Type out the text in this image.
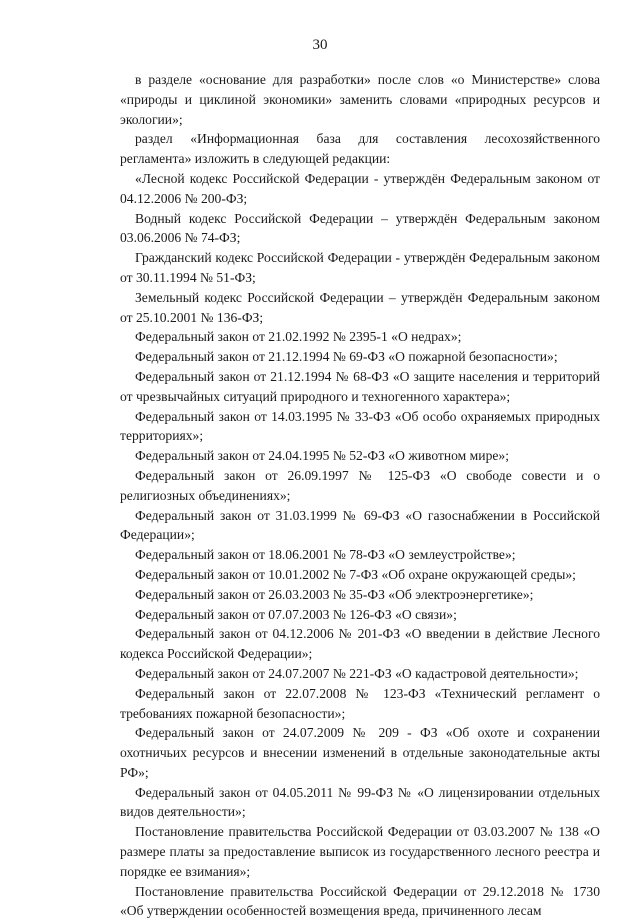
30

в разделе «основание для разработки» после слов «о Министерстве» слова «природы и циклиной экономики» заменить словами «природных ресурсов и экологии»;

раздел «Информационная база для составления лесохозяйственного регламента» изложить в следующей редакции:

«Лесной кодекс Российской Федерации - утверждён Федеральным законом от 04.12.2006 № 200-ФЗ;

Водный кодекс Российской Федерации – утверждён Федеральным законом 03.06.2006 № 74-ФЗ;

Гражданский кодекс Российской Федерации - утверждён Федеральным законом от 30.11.1994 № 51-ФЗ;

Земельный кодекс Российской Федерации – утверждён Федеральным законом от 25.10.2001 № 136-ФЗ;

Федеральный закон от 21.02.1992 № 2395-1 «О недрах»;

Федеральный закон от 21.12.1994 № 69-ФЗ «О пожарной безопасности»;

Федеральный закон от 21.12.1994 № 68-ФЗ «О защите населения и территорий от чрезвычайных ситуаций природного и техногенного характера»;

Федеральный закон от 14.03.1995 № 33-ФЗ «Об особо охраняемых природных территориях»;

Федеральный закон от 24.04.1995 № 52-ФЗ «О животном мире»;

Федеральный закон от 26.09.1997 № 125-ФЗ «О свободе совести и о религиозных объединениях»;

Федеральный закон от 31.03.1999 № 69-ФЗ «О газоснабжении в Российской Федерации»;

Федеральный закон от 18.06.2001 № 78-ФЗ «О землеустройстве»;

Федеральный закон от 10.01.2002 № 7-ФЗ «Об охране окружающей среды»;

Федеральный закон от 26.03.2003 № 35-ФЗ «Об электроэнергетике»;

Федеральный закон от 07.07.2003 № 126-ФЗ «О связи»;

Федеральный закон от 04.12.2006 № 201-ФЗ «О введении в действие Лесного кодекса Российской Федерации»;

Федеральный закон от 24.07.2007 № 221-ФЗ «О кадастровой деятельности»;

Федеральный закон от 22.07.2008 № 123-ФЗ «Технический регламент о требованиях пожарной безопасности»;

Федеральный закон от 24.07.2009 № 209 - ФЗ «Об охоте и сохранении охотничьих ресурсов и внесении изменений в отдельные законодательные акты РФ»;

Федеральный закон от 04.05.2011 № 99-ФЗ № «О лицензировании отдельных видов деятельности»;

Постановление правительства Российской Федерации от 03.03.2007 № 138 «О размере платы за предоставление выписок из государственного лесного реестра и порядке ее взимания»;

Постановление правительства Российской Федерации от 29.12.2018 № 1730 «Об утверждении особенностей возмещения вреда, причиненного лесам
